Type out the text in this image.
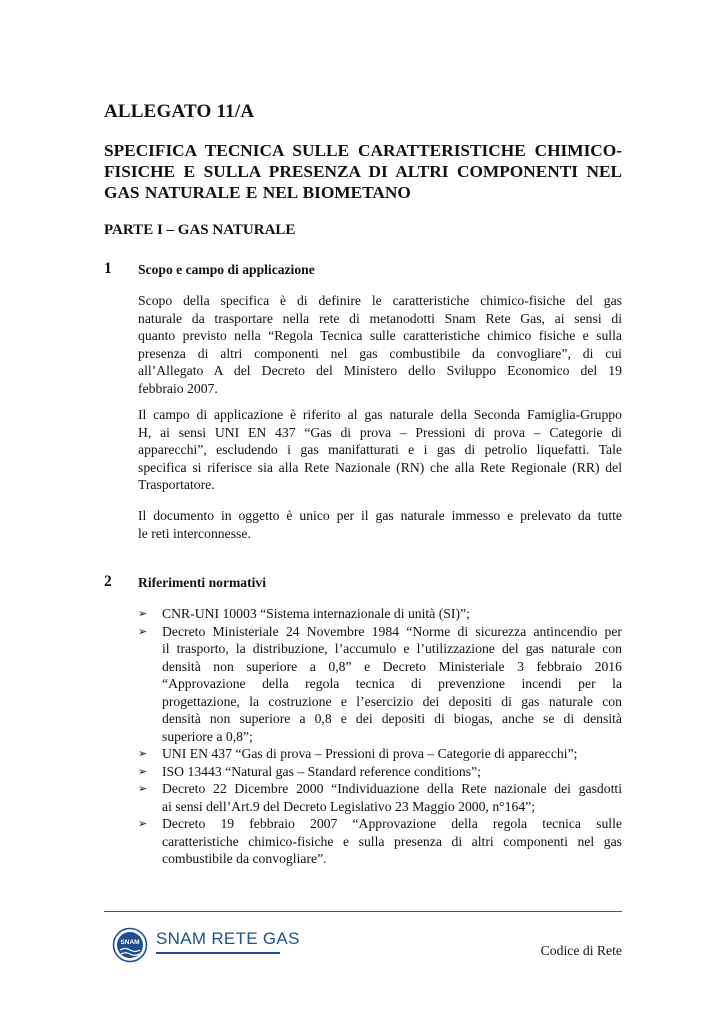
ALLEGATO 11/A
SPECIFICA TECNICA SULLE CARATTERISTICHE CHIMICO-
FISICHE E SULLA PRESENZA DI ALTRI COMPONENTI NEL
GAS NATURALE E NEL BIOMETANO
PARTE I – GAS NATURALE
1 Scopo e campo di applicazione

Scopo della specifica è di definire le caratteristiche chimico-fisiche del gas
naturale da trasportare nella rete di metanodotti Snam Rete Gas, ai sensi di
quanto previsto nella “Regola Tecnica sulle caratteristiche chimico fisiche e sulla
presenza di altri componenti nel gas combustibile da convogliare”, di cui
all’Allegato A del Decreto del Ministero dello Sviluppo Economico del 19
febbraio 2007.

Il campo di applicazione è riferito al gas naturale della Seconda Famiglia-Gruppo
H, ai sensi UNI EN 437 “Gas di prova – Pressioni di prova – Categorie di
apparecchi”, escludendo i gas manifatturati e i gas di petrolio liquefatti. Tale
specifica si riferisce sia alla Rete Nazionale (RN) che alla Rete Regionale (RR) del
Trasportatore.

Il documento in oggetto è unico per il gas naturale immesso e prelevato da tutte
le reti interconnesse.

2 Riferimenti normativi
➢ CNR-UNI 10003 “Sistema internazionale di unità (SI)”;
➢ Decreto Ministeriale 24 Novembre 1984 “Norme di sicurezza antincendio per
il trasporto, la distribuzione, l’accumulo e l’utilizzazione del gas naturale con
densità non superiore a 0,8” e Decreto Ministeriale 3 febbraio 2016
“Approvazione della regola tecnica di prevenzione incendi per la
progettazione, la costruzione e l’esercizio dei depositi di gas naturale con
densità non superiore a 0,8 e dei depositi di biogas, anche se di densità
superiore a 0,8”;
➢ UNI EN 437 “Gas di prova – Pressioni di prova – Categorie di apparecchi”;
➢ ISO 13443 “Natural gas – Standard reference conditions”;
➢ Decreto 22 Dicembre 2000 “Individuazione della Rete nazionale dei gasdotti
ai sensi dell’Art.9 del Decreto Legislativo 23 Maggio 2000, n°164”;
➢ Decreto 19 febbraio 2007 “Approvazione della regola tecnica sulle
caratteristiche chimico-fisiche e sulla presenza di altri componenti nel gas
combustibile da convogliare”.
SNAM SNAM RETE GAS
Codice di Rete
